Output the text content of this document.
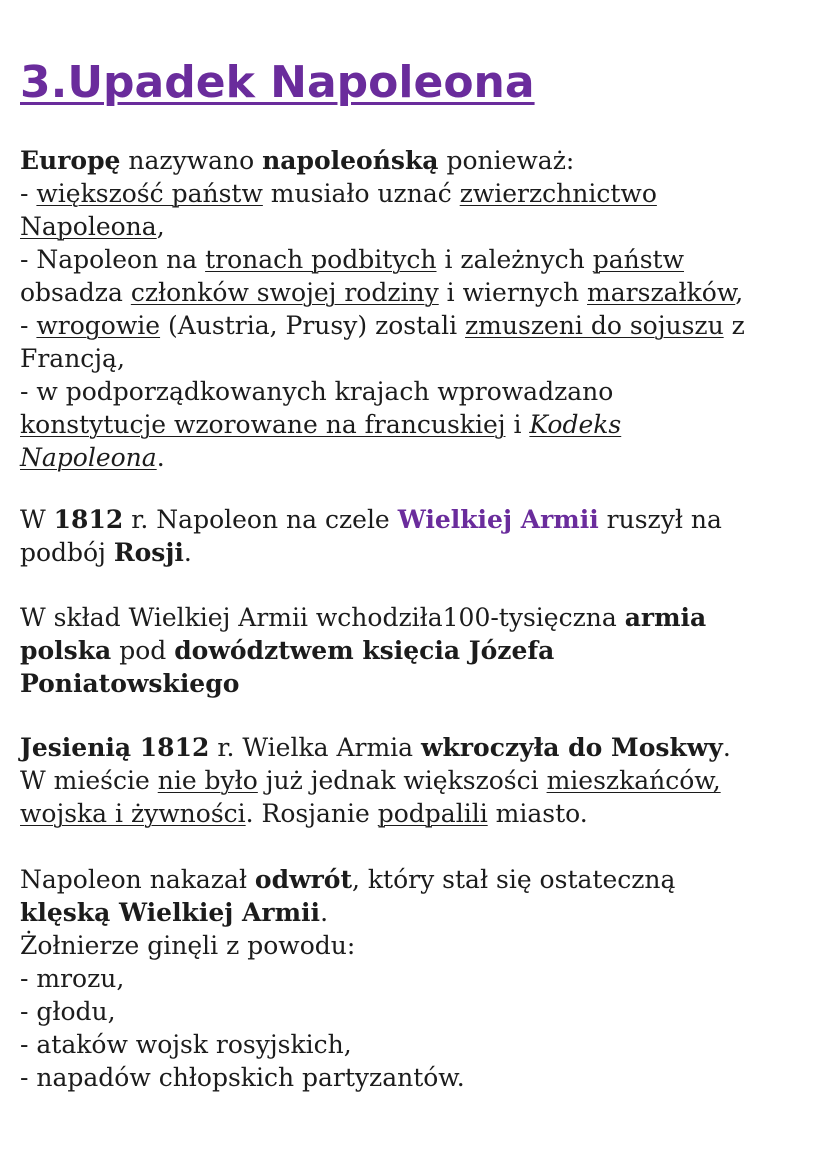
3.Upadek Napoleona
Europę nazywano napoleońską ponieważ:
- większość państw musiało uznać zwierzchnictwo
Napoleona,
- Napoleon na tronach podbitych i zależnych państw
obsadza członków swojej rodziny i wiernych marszałków,
- wrogowie (Austria, Prusy) zostali zmuszeni do sojuszu z
Francją,
- w podporządkowanych krajach wprowadzano
konstytucje wzorowane na francuskiej i Kodeks
Napoleona.
W 1812 r. Napoleon na czele Wielkiej Armii ruszył na
podbój Rosji.
W skład Wielkiej Armii wchodziła100-tysięczna armia
polska pod dowództwem księcia Józefa
Poniatowskiego
Jesienią 1812 r. Wielka Armia wkroczyła do Moskwy.
W mieście nie było już jednak większości mieszkańców,
wojska i żywności. Rosjanie podpalili miasto.
Napoleon nakazał odwrót, który stał się ostateczną
klęską Wielkiej Armii.
Żołnierze ginęli z powodu:
- mrozu,
- głodu,
- ataków wojsk rosyjskich,
- napadów chłopskich partyzantów.
